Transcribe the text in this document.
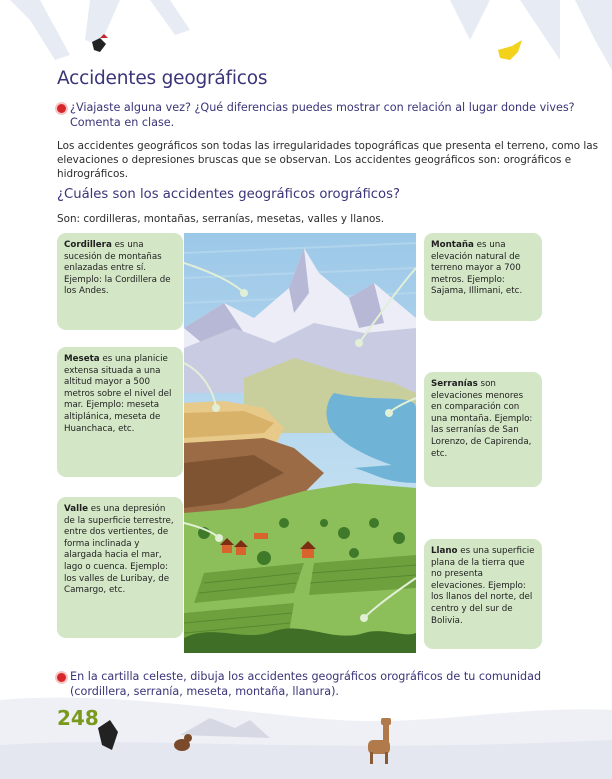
Accidentes geográficos
¿Viajaste alguna vez? ¿Qué diferencias puedes mostrar con relación al lugar donde vives? Comenta en clase.
Los accidentes geográficos son todas las irregularidades topográficas que presenta el terreno, como las elevaciones o depresiones bruscas que se observan. Los accidentes geográficos son: orográficos e hidrográficos.
¿Cuáles son los accidentes geográficos orográficos?
Son: cordilleras, montañas, serranías, mesetas, valles y llanos.
Cordillera es una sucesión de montañas enlazadas entre sí. Ejemplo: la Cordillera de los Andes.
Meseta es una planicie extensa situada a una altitud mayor a 500 metros sobre el nivel del mar. Ejemplo: meseta altiplánica, meseta de Huanchaca, etc.
Valle es una depresión de la superficie terrestre, entre dos vertientes, de forma inclinada y alargada hacia el mar, lago o cuenca. Ejemplo: los valles de Luribay, de Camargo, etc.
Montaña es una elevación natural de terreno mayor a 700 metros. Ejemplo: Sajama, Illimani, etc.
Serranías son elevaciones menores en comparación con una montaña. Ejemplo: las serranías de San Lorenzo, de Capirenda, etc.
Llano es una superficie plana de la tierra que no presenta elevaciones. Ejemplo: los llanos del norte, del centro y del sur de Bolivia.
En la cartilla celeste, dibuja los accidentes geográficos orográficos de tu comunidad (cordillera, serranía, meseta, montaña, llanura).
248
